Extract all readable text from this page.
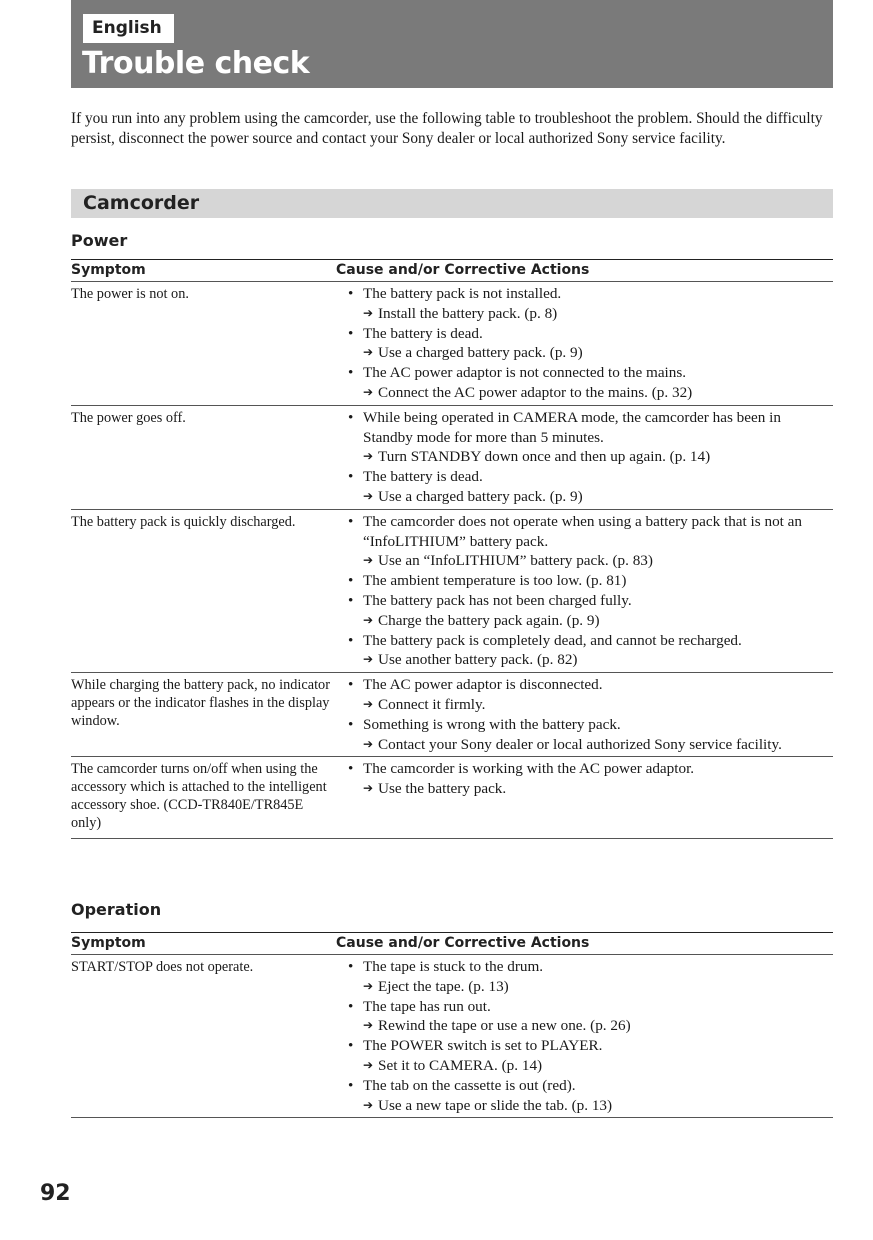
English
Trouble check
If you run into any problem using the camcorder, use the following table to troubleshoot the problem. Should the difficulty persist, disconnect the power source and contact your Sony dealer or local authorized Sony service facility.
Camcorder
Power
Symptom	Cause and/or Corrective Actions
The power is not on.	• The battery pack is not installed.
➔ Install the battery pack. (p. 8)
• The battery is dead.
➔ Use a charged battery pack. (p. 9)
• The AC power adaptor is not connected to the mains.
➔ Connect the AC power adaptor to the mains. (p. 32)
The power goes off.	• While being operated in CAMERA mode, the camcorder has been in Standby mode for more than 5 minutes.
➔ Turn STANDBY down once and then up again. (p. 14)
• The battery is dead.
➔ Use a charged battery pack. (p. 9)
The battery pack is quickly discharged.	• The camcorder does not operate when using a battery pack that is not an “InfoLITHIUM” battery pack.
➔ Use an “InfoLITHIUM” battery pack. (p. 83)
• The ambient temperature is too low. (p. 81)
• The battery pack has not been charged fully.
➔ Charge the battery pack again. (p. 9)
• The battery pack is completely dead, and cannot be recharged.
➔ Use another battery pack. (p. 82)
While charging the battery pack, no indicator appears or the indicator flashes in the display window.
• The AC power adaptor is disconnected.
➔ Connect it firmly.
• Something is wrong with the battery pack.
➔ Contact your Sony dealer or local authorized Sony service facility.
The camcorder turns on/off when using the accessory which is attached to the intelligent accessory shoe. (CCD-TR840E/TR845E only)
• The camcorder is working with the AC power adaptor.
➔ Use the battery pack.
Operation
Symptom	Cause and/or Corrective Actions
START/STOP does not operate.	• The tape is stuck to the drum.
➔ Eject the tape. (p. 13)
• The tape has run out.
➔ Rewind the tape or use a new one. (p. 26)
• The POWER switch is set to PLAYER.
➔ Set it to CAMERA. (p. 14)
• The tab on the cassette is out (red).
➔ Use a new tape or slide the tab. (p. 13)
92
